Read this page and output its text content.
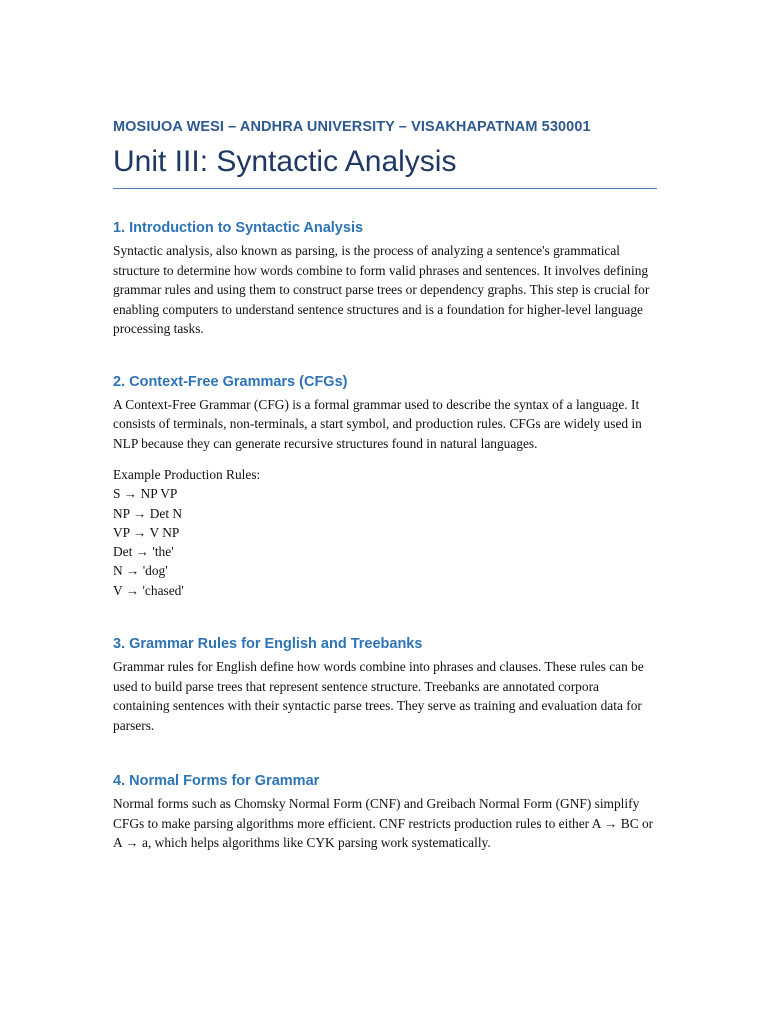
MOSIUOA WESI – ANDHRA UNIVERSITY – VISAKHAPATNAM 530001
Unit III: Syntactic Analysis
1. Introduction to Syntactic Analysis

Syntactic analysis, also known as parsing, is the process of analyzing a sentence's grammatical structure to determine how words combine to form valid phrases and sentences. It involves defining grammar rules and using them to construct parse trees or dependency graphs. This step is crucial for enabling computers to understand sentence structures and is a foundation for higher-level language processing tasks.

2. Context-Free Grammars (CFGs)

A Context-Free Grammar (CFG) is a formal grammar used to describe the syntax of a language. It consists of terminals, non-terminals, a start symbol, and production rules. CFGs are widely used in NLP because they can generate recursive structures found in natural languages.

Example Production Rules:
S → NP VP
NP → Det N
VP → V NP
Det → 'the'
N → 'dog'
V → 'chased'
3. Grammar Rules for English and Treebanks

Grammar rules for English define how words combine into phrases and clauses. These rules can be used to build parse trees that represent sentence structure. Treebanks are annotated corpora containing sentences with their syntactic parse trees. They serve as training and evaluation data for parsers.

4. Normal Forms for Grammar

Normal forms such as Chomsky Normal Form (CNF) and Greibach Normal Form (GNF) simplify CFGs to make parsing algorithms more efficient. CNF restricts production rules to either A → BC or A → a, which helps algorithms like CYK parsing work systematically.
